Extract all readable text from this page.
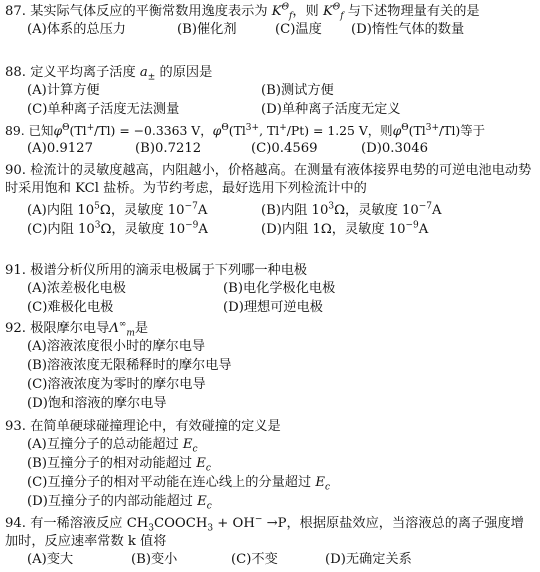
87. 某实际气体反应的平衡常数用逸度表示为 $K^\Theta_f$，则 $K^\Theta_f$ 与下述物理量有关的是
(A)体系的总压力	(B)催化剂	(C)温度 (D)惰性气体的数量
88. 定义平均离子活度 $a_\pm$ 的原因是
(A)计算方便	(B)测试方便
(C)单种离子活度无法测量	(D)单种离子活度无定义
89. 已知$\varphi^\Theta(Tl^+/Tl) = -0.3363$ V，$\varphi^\Theta(Tl^{3+}$, Tl+/Pt) = 1.25 V，则$\varphi^\Theta(Tl^{3+}/Tl)$等于
(A)0.9127	(B)0.7212	(C)0.4569	(D)0.3046
90. 检流计的灵敏度越高，内阻越小，价格越高。在测量有液体接界电势的可逆电池电动势时采用饱和 KCl 盐桥。为节约考虑，最好选用下列检流计中的
(A)内阻 $10^5\Omega$，灵敏度 $10^{-7}A$	(B)内阻 $10^3\Omega$，灵敏度 $10^{-7}A$
(C)内阻 $10^3\Omega$，灵敏度 $10^{-9}A$	(D)内阻 1Ω，灵敏度 $10^{-9}A$
91. 极谱分析仪所用的滴汞电极属于下列哪一种电极
(A)浓差极化电极	(B)电化学极化电极
(C)难极化电极	(D)理想可逆电极
92. 极限摩尔电导$\Lambda^\infty_m$是
(A)溶液浓度很小时的摩尔电导
(B)溶液浓度无限稀释时的摩尔电导
(C)溶液浓度为零时的摩尔电导
(D)饱和溶液的摩尔电导
93. 在简单硬球碰撞理论中，有效碰撞的定义是
(A)互撞分子的总动能超过 $E_c$
(B)互撞分子的相对动能超过 $E_c$
(C)互撞分子的相对平动能在连心线上的分量超过 $E_c$
(D)互撞分子的内部动能超过 $E_c$
94. 有一稀溶液反应 $CH_3COOCH_3 + OH^- \to P$，根据原盐效应，当溶液总的离子强度增加时，反应速率常数 k 值将
(A)变大	(B)变小	(C)不变	(D)无确定关系
